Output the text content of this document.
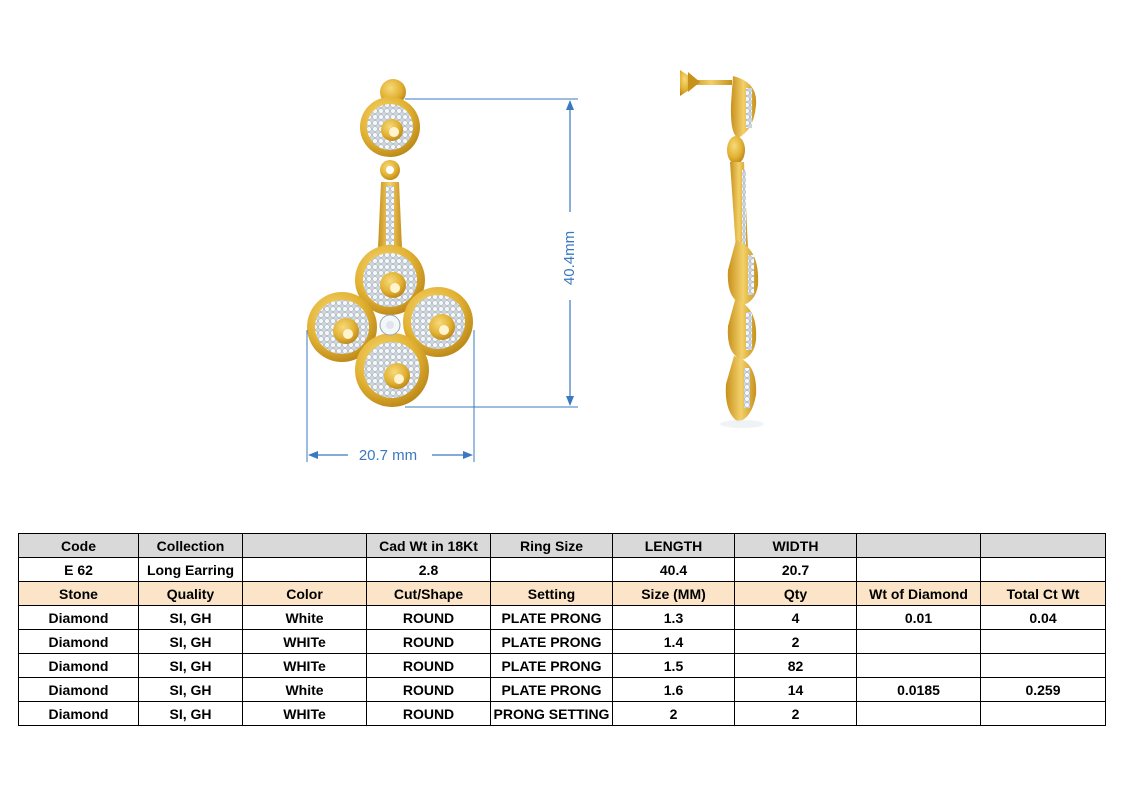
40.4mm
20.7 mm
Code	Collection		Cad Wt in 18Kt	Ring Size	LENGTH	WIDTH		
E 62	Long Earring		2.8		40.4	20.7		
Stone	Quality	Color	Cut/Shape	Setting	Size (MM)	Qty	Wt of Diamond	Total Ct Wt
Diamond	SI, GH	White	ROUND	PLATE PRONG	1.3	4	0.01	0.04
Diamond	SI, GH	WHITe	ROUND	PLATE PRONG	1.4	2		
Diamond	SI, GH	WHITe	ROUND	PLATE PRONG	1.5	82		
Diamond	SI, GH	White	ROUND	PLATE PRONG	1.6	14	0.0185	0.259
Diamond	SI, GH	WHITe	ROUND	PRONG SETTING	2	2		
